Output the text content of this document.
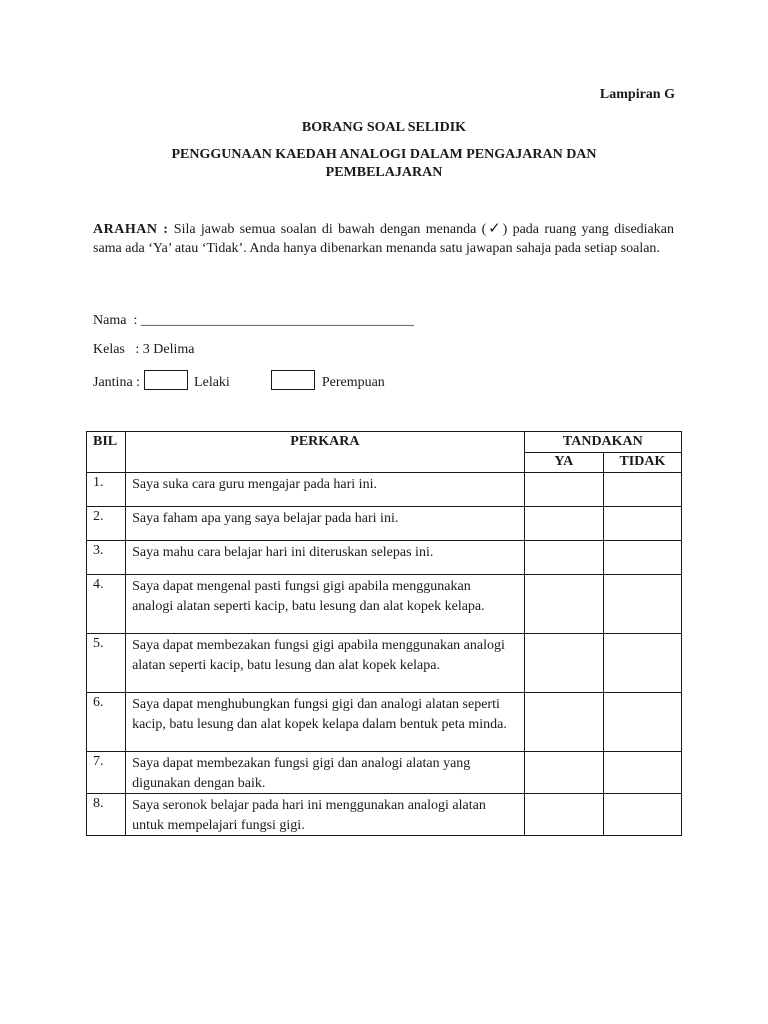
Lampiran G
BORANG SOAL SELIDIK
PENGGUNAAN KAEDAH ANALOGI DALAM PENGAJARAN DAN
PEMBELAJARAN
ARAHAN : Sila jawab semua soalan di bawah dengan menanda (✓) pada ruang yang disediakan sama ada ‘Ya’ atau ‘Tidak’. Anda hanya dibenarkan menanda satu jawapan sahaja pada setiap soalan.
Nama : _______________________________________
Kelas : 3 Delima
Jantina :	Lelaki	Perempuan
BIL	PERKARA	TANDAKAN	
		YA	TIDAK
1.	Saya suka cara guru mengajar pada hari ini.		
2.	Saya faham apa yang saya belajar pada hari ini.		
3.	Saya mahu cara belajar hari ini diteruskan selepas ini.		
4.	Saya dapat mengenal pasti fungsi gigi apabila menggunakan analogi alatan seperti kacip, batu lesung dan alat kopek kelapa.		
5.	Saya dapat membezakan fungsi gigi apabila menggunakan analogi alatan seperti kacip, batu lesung dan alat kopek kelapa.		
6.	Saya dapat menghubungkan fungsi gigi dan analogi alatan seperti kacip, batu lesung dan alat kopek kelapa dalam bentuk peta minda.		
7.	Saya dapat membezakan fungsi gigi dan analogi alatan yang digunakan dengan baik.		
8.	Saya seronok belajar pada hari ini menggunakan analogi alatan untuk mempelajari fungsi gigi.		
